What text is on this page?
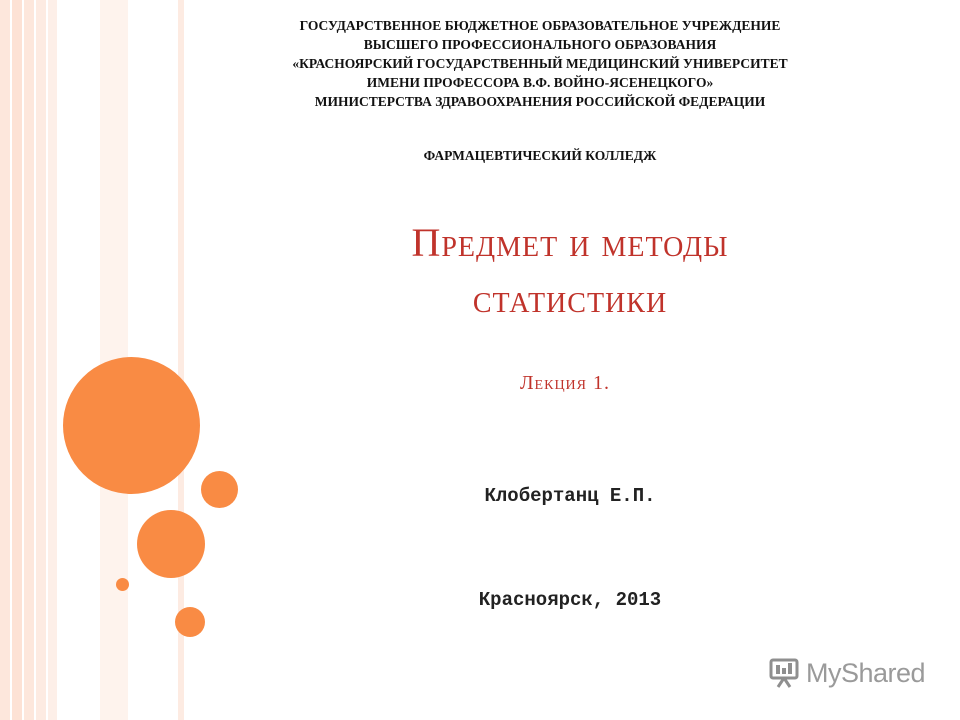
ГОСУДАРСТВЕННОЕ БЮДЖЕТНОЕ ОБРАЗОВАТЕЛЬНОЕ УЧРЕЖДЕНИЕ
ВЫСШЕГО ПРОФЕССИОНАЛЬНОГО ОБРАЗОВАНИЯ
«КРАСНОЯРСКИЙ ГОСУДАРСТВЕННЫЙ МЕДИЦИНСКИЙ УНИВЕРСИТЕТ
ИМЕНИ ПРОФЕССОРА В.Ф. ВОЙНО-ЯСЕНЕЦКОГО»
МИНИСТЕРСТВА ЗДРАВООХРАНЕНИЯ РОССИЙСКОЙ ФЕДЕРАЦИИ
ФАРМАЦЕВТИЧЕСКИЙ КОЛЛЕДЖ
Предмет и методы
статистики
Лекция 1.
Клобертанц Е.П.
Красноярск, 2013
MyShared
